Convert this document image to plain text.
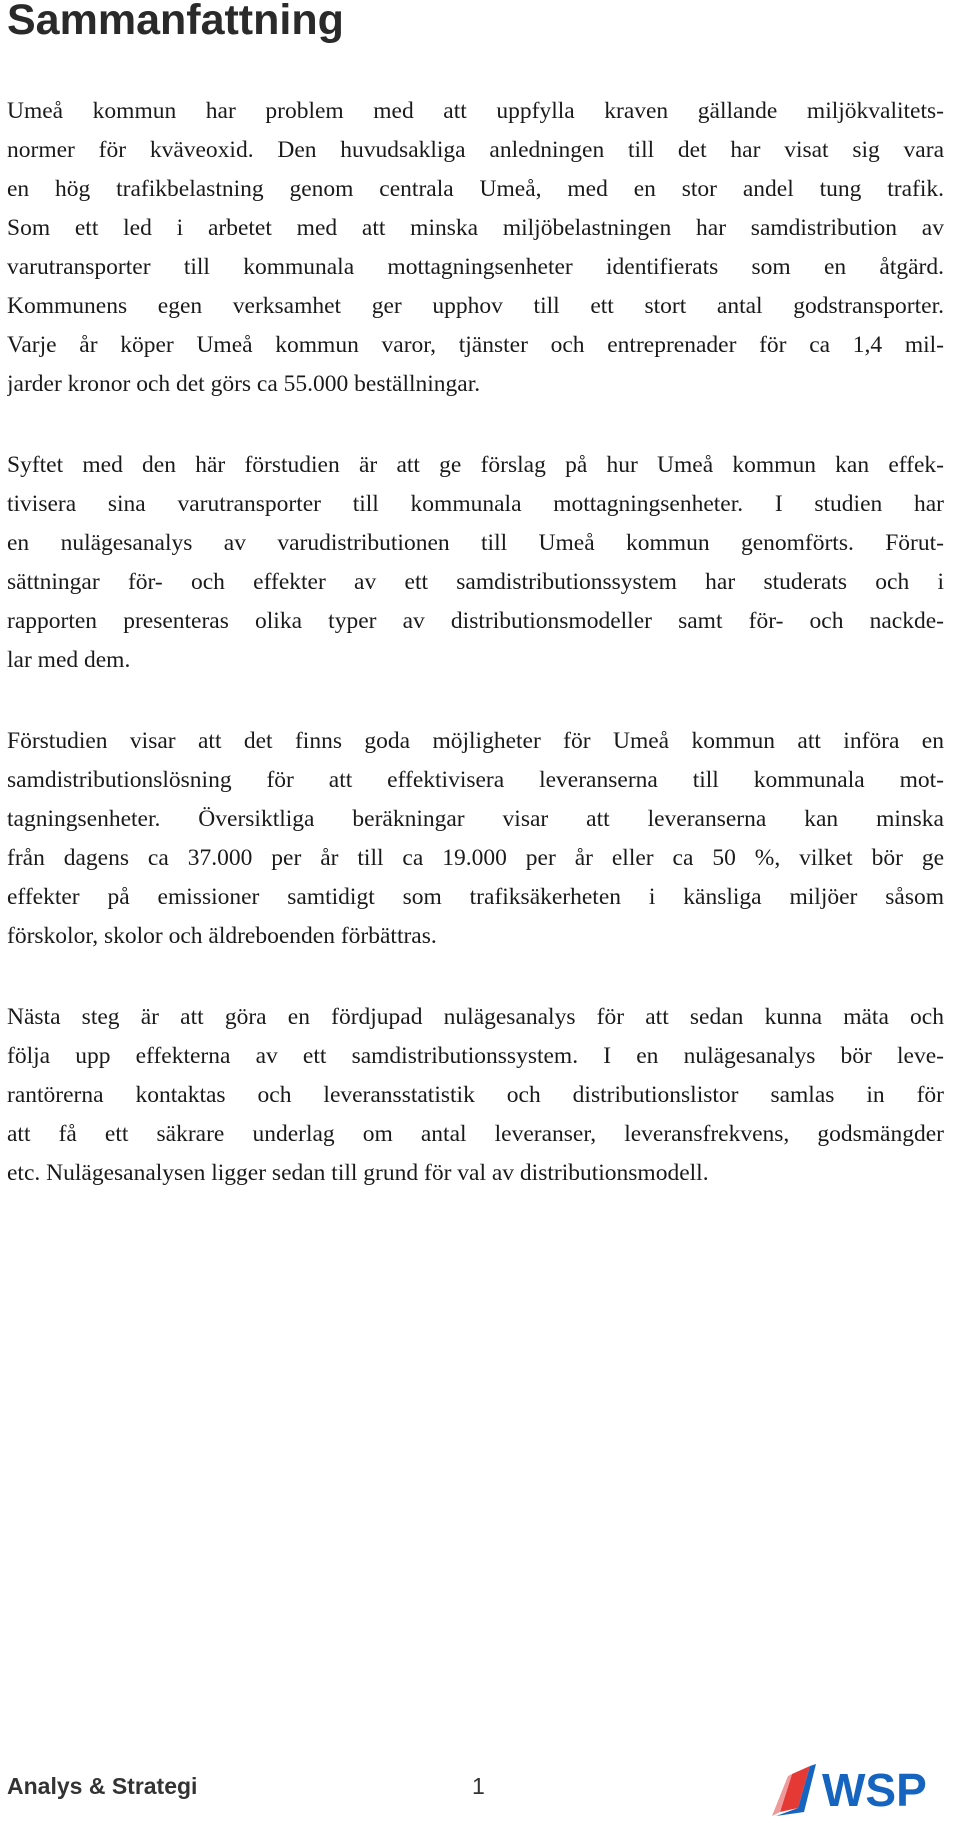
Sammanfattning

Umeå kommun har problem med att uppfylla kraven gällande miljökvalitets-
normer för kväveoxid. Den huvudsakliga anledningen till det har visat sig vara
en hög trafikbelastning genom centrala Umeå, med en stor andel tung trafik.
Som ett led i arbetet med att minska miljöbelastningen har samdistribution av
varutransporter till kommunala mottagningsenheter identifierats som en åtgärd.
Kommunens egen verksamhet ger upphov till ett stort antal godstransporter.
Varje år köper Umeå kommun varor, tjänster och entreprenader för ca 1,4 mil-
jarder kronor och det görs ca 55.000 beställningar.

Syftet med den här förstudien är att ge förslag på hur Umeå kommun kan effek-
tivisera sina varutransporter till kommunala mottagningsenheter. I studien har
en nulägesanalys av varudistributionen till Umeå kommun genomförts. Förut-
sättningar för- och effekter av ett samdistributionssystem har studerats och i
rapporten presenteras olika typer av distributionsmodeller samt för- och nackde-
lar med dem.

Förstudien visar att det finns goda möjligheter för Umeå kommun att införa en
samdistributionslösning för att effektivisera leveranserna till kommunala mot-
tagningsenheter. Översiktliga beräkningar visar att leveranserna kan minska
från dagens ca 37.000 per år till ca 19.000 per år eller ca 50 %, vilket bör ge
effekter på emissioner samtidigt som trafiksäkerheten i känsliga miljöer såsom
förskolor, skolor och äldreboenden förbättras.

Nästa steg är att göra en fördjupad nulägesanalys för att sedan kunna mäta och
följa upp effekterna av ett samdistributionssystem. I en nulägesanalys bör leve-
rantörerna kontaktas och leveransstatistik och distributionslistor samlas in för
att få ett säkrare underlag om antal leveranser, leveransfrekvens, godsmängder
etc. Nulägesanalysen ligger sedan till grund för val av distributionsmodell.

Analys & Strategi	1	WSP
